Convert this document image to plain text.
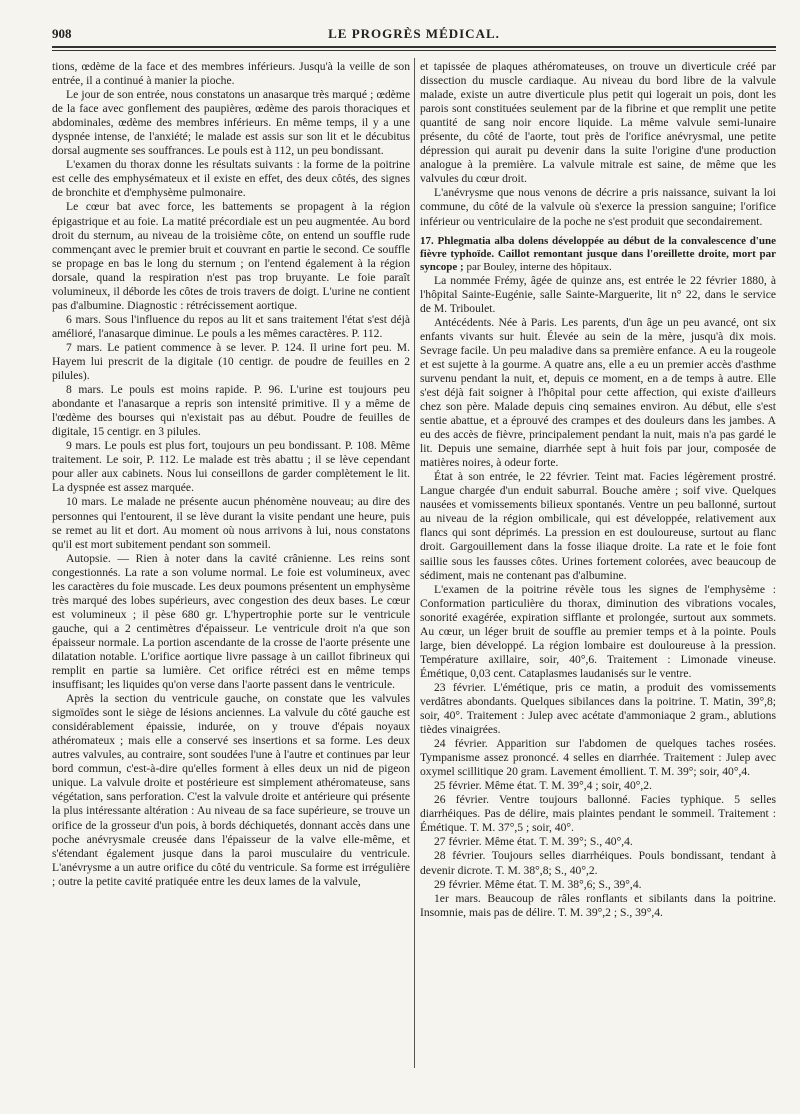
908	LE PROGRÈS MÉDICAL.

tions, œdème de la face et des membres inférieurs. Jusqu'à la veille de son entrée, il a continué à manier la pioche.

Le jour de son entrée, nous constatons un anasarque très marqué ; œdème de la face avec gonflement des paupières, œdème des parois thoraciques et abdominales, œdème des membres inférieurs. En même temps, il y a une dyspnée intense, de l'anxiété; le malade est assis sur son lit et le décubitus dorsal augmente ses souffrances. Le pouls est à 112, un peu bondissant.

L'examen du thorax donne les résultats suivants : la forme de la poitrine est celle des emphysémateux et il existe en effet, des deux côtés, des signes de bronchite et d'emphysème pulmonaire.

Le cœur bat avec force, les battements se propagent à la région épigastrique et au foie. La matité précordiale est un peu augmentée. Au bord droit du sternum, au niveau de la troisième côte, on entend un souffle rude commençant avec le premier bruit et couvrant en partie le second. Ce souffle se propage en bas le long du sternum ; on l'entend également à la région dorsale, quand la respiration n'est pas trop bruyante. Le foie paraît volumineux, il déborde les côtes de trois travers de doigt. L'urine ne contient pas d'albumine. Diagnostic : rétrécissement aortique.

6 mars. Sous l'influence du repos au lit et sans traitement l'état s'est déjà amélioré, l'anasarque diminue. Le pouls a les mêmes caractères. P. 112.

7 mars. Le patient commence à se lever. P. 124. Il urine fort peu. M. Hayem lui prescrit de la digitale (10 centigr. de poudre de feuilles en 2 pilules).

8 mars. Le pouls est moins rapide. P. 96. L'urine est toujours peu abondante et l'anasarque a repris son intensité primitive. Il y a même de l'œdème des bourses qui n'existait pas au début. Poudre de feuilles de digitale, 15 centigr. en 3 pilules.

9 mars. Le pouls est plus fort, toujours un peu bondissant. P. 108. Même traitement. Le soir, P. 112. Le malade est très abattu ; il se lève cependant pour aller aux cabinets. Nous lui conseillons de garder complètement le lit. La dyspnée est assez marquée.

10 mars. Le malade ne présente aucun phénomène nouveau; au dire des personnes qui l'entourent, il se lève durant la visite pendant une heure, puis se remet au lit et dort. Au moment où nous arrivons à lui, nous constatons qu'il est mort subitement pendant son sommeil.

Autopsie. — Rien à noter dans la cavité crânienne. Les reins sont congestionnés. La rate a son volume normal. Le foie est volumineux, avec les caractères du foie muscade. Les deux poumons présentent un emphysème très marqué des lobes supérieurs, avec congestion des deux bases. Le cœur est volumineux ; il pèse 680 gr. L'hypertrophie porte sur le ventricule gauche, qui a 2 centimètres d'épaisseur. Le ventricule droit n'a que son épaisseur normale. La portion ascendante de la crosse de l'aorte présente une dilatation notable. L'orifice aortique livre passage à un caillot fibrineux qui remplit en partie sa lumière. Cet orifice rétréci est en même temps insuffisant; les liquides qu'on verse dans l'aorte passent dans le ventricule.

Après la section du ventricule gauche, on constate que les valvules sigmoïdes sont le siège de lésions anciennes. La valvule du côté gauche est considérablement épaissie, indurée, on y trouve d'épais noyaux athéromateux ; mais elle a conservé ses insertions et sa forme. Les deux autres valvules, au contraire, sont soudées l'une à l'autre et continues par leur bord commun, c'est-à-dire qu'elles forment à elles deux un nid de pigeon unique. La valvule droite et postérieure est simplement athéromateuse, sans végétation, sans perforation. C'est la valvule droite et antérieure qui présente la plus intéressante altération : Au niveau de sa face supérieure, se trouve un orifice de la grosseur d'un pois, à bords déchiquetés, donnant accès dans une poche anévrysmale creusée dans l'épaisseur de la valve elle-même, et s'étendant également jusque dans la paroi musculaire du ventricule. L'anévrysme a un autre orifice du côté du ventricule. Sa forme est irrégulière ; outre la petite cavité pratiquée entre les deux lames de la valvule,

et tapissée de plaques athéromateuses, on trouve un diverticule créé par dissection du muscle cardiaque. Au niveau du bord libre de la valvule malade, existe un autre diverticule plus petit qui logerait un pois, dont les parois sont constituées seulement par de la fibrine et que remplit une petite quantité de sang noir encore liquide. La même valvule semi-lunaire présente, du côté de l'aorte, tout près de l'orifice anévrysmal, une petite dépression qui aurait pu devenir dans la suite l'origine d'une production analogue à la première. La valvule mitrale est saine, de même que les valvules du cœur droit.

L'anévrysme que nous venons de décrire a pris naissance, suivant la loi commune, du côté de la valvule où s'exerce la pression sanguine; l'orifice inférieur ou ventriculaire de la poche ne s'est produit que secondairement.

17. Phlegmatia alba dolens développée au début de la convalescence d'une fièvre typhoïde. Caillot remontant jusque dans l'oreillette droite, mort par syncope ; par Bouley, interne des hôpitaux.

La nommée Frémy, âgée de quinze ans, est entrée le 22 février 1880, à l'hôpital Sainte-Eugénie, salle Sainte-Marguerite, lit n° 22, dans le service de M. Triboulet.

Antécédents. Née à Paris. Les parents, d'un âge un peu avancé, ont six enfants vivants sur huit. Élevée au sein de la mère, jusqu'à dix mois. Sevrage facile. Un peu maladive dans sa première enfance. A eu la rougeole et est sujette à la gourme. A quatre ans, elle a eu un premier accès d'asthme survenu pendant la nuit, et, depuis ce moment, en a de temps à autre. Elle s'est déjà fait soigner à l'hôpital pour cette affection, qui existe d'ailleurs chez son père. Malade depuis cinq semaines environ. Au début, elle s'est sentie abattue, et a éprouvé des crampes et des douleurs dans les jambes. A eu des accès de fièvre, principalement pendant la nuit, mais n'a pas gardé le lit. Depuis une semaine, diarrhée sept à huit fois par jour, composée de matières noires, à odeur forte.

État à son entrée, le 22 février. Teint mat. Facies légèrement prostré. Langue chargée d'un enduit saburral. Bouche amère ; soif vive. Quelques nausées et vomissements bilieux spontanés. Ventre un peu ballonné, surtout au niveau de la région ombilicale, qui est développée, relativement aux flancs qui sont déprimés. La pression en est douloureuse, surtout au flanc droit. Gargouillement dans la fosse iliaque droite. La rate et le foie font saillie sous les fausses côtes. Urines fortement colorées, avec beaucoup de sédiment, mais ne contenant pas d'albumine.

L'examen de la poitrine révèle tous les signes de l'emphysème : Conformation particulière du thorax, diminution des vibrations vocales, sonorité exagérée, expiration sifflante et prolongée, surtout aux sommets. Au cœur, un léger bruit de souffle au premier temps et à la pointe. Pouls large, bien développé. La région lombaire est douloureuse à la pression. Température axillaire, soir, 40°,6. Traitement : Limonade vineuse. Émétique, 0,03 cent. Cataplasmes laudanisés sur le ventre.

23 février. L'émétique, pris ce matin, a produit des vomissements verdâtres abondants. Quelques sibilances dans la poitrine. T. Matin, 39°,8; soir, 40°. Traitement : Julep avec acétate d'ammoniaque 2 gram., ablutions tièdes vinaigrées.

24 février. Apparition sur l'abdomen de quelques taches rosées. Tympanisme assez prononcé. 4 selles en diarrhée. Traitement : Julep avec oxymel scillitique 20 gram. Lavement émollient. T. M. 39°; soir, 40°,4.

25 février. Même état. T. M. 39°,4 ; soir, 40°,2.

26 février. Ventre toujours ballonné. Facies typhique. 5 selles diarrhéiques. Pas de délire, mais plaintes pendant le sommeil. Traitement : Émétique. T. M. 37°,5 ; soir, 40°.

27 février. Même état. T. M. 39°; S., 40°,4.

28 février. Toujours selles diarrhéiques. Pouls bondissant, tendant à devenir dicrote. T. M. 38°,8; S., 40°,2.

29 février. Même état. T. M. 38°,6; S., 39°,4.

1er mars. Beaucoup de râles ronflants et sibilants dans la poitrine. Insomnie, mais pas de délire. T. M. 39°,2 ; S., 39°,4.
